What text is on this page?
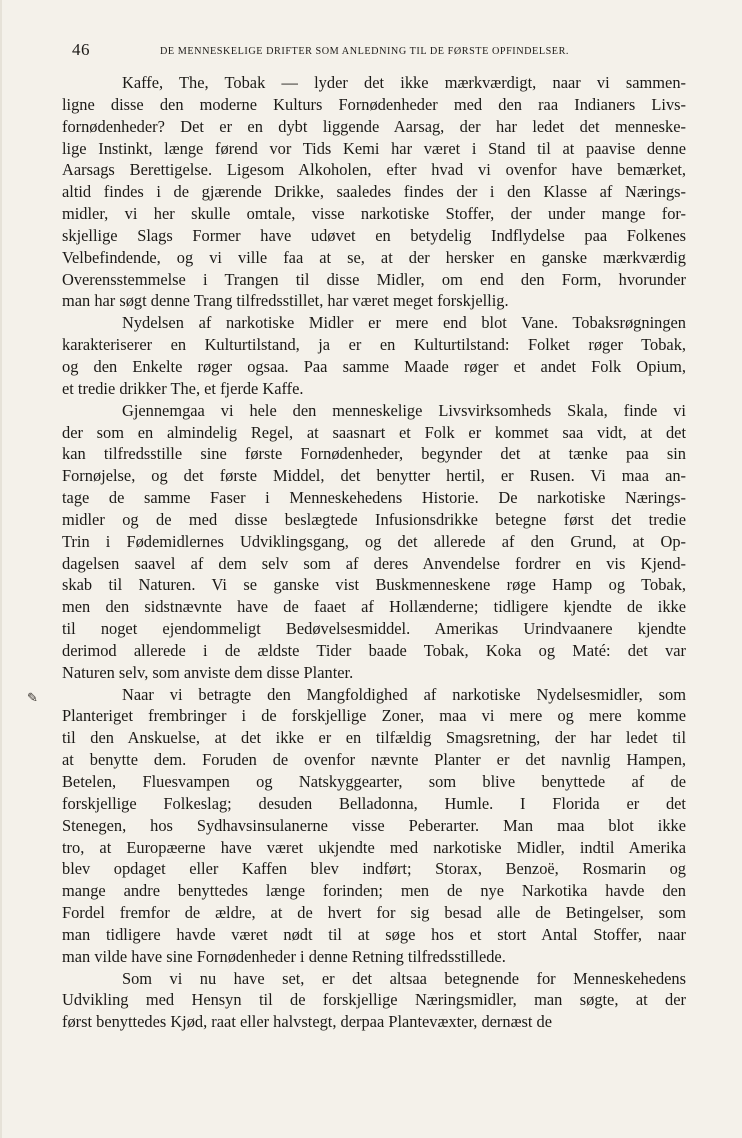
46	DE MENNESKELIGE DRIFTER SOM ANLEDNING TIL DE FØRSTE OPFINDELSER.
✎
Kaffe, The, Tobak — lyder det ikke mærkværdigt, naar vi sammen-
ligne disse den moderne Kulturs Fornødenheder med den raa Indianers Livs-
fornødenheder? Det er en dybt liggende Aarsag, der har ledet det menneske-
lige Instinkt, længe førend vor Tids Kemi har været i Stand til at paavise denne
Aarsags Berettigelse. Ligesom Alkoholen, efter hvad vi ovenfor have bemærket,
altid findes i de gjærende Drikke, saaledes findes der i den Klasse af Nærings-
midler, vi her skulle omtale, visse narkotiske Stoffer, der under mange for-
skjellige Slags Former have udøvet en betydelig Indflydelse paa Folkenes
Velbefindende, og vi ville faa at se, at der hersker en ganske mærkværdig
Overensstemmelse i Trangen til disse Midler, om end den Form, hvorunder
man har søgt denne Trang tilfredsstillet, har været meget forskjellig.
Nydelsen af narkotiske Midler er mere end blot Vane. Tobaksrøgningen
karakteriserer en Kulturtilstand, ja er en Kulturtilstand: Folket røger Tobak,
og den Enkelte røger ogsaa. Paa samme Maade røger et andet Folk Opium,
et tredie drikker The, et fjerde Kaffe.
Gjennemgaa vi hele den menneskelige Livsvirksomheds Skala, finde vi
der som en almindelig Regel, at saasnart et Folk er kommet saa vidt, at det
kan tilfredsstille sine første Fornødenheder, begynder det at tænke paa sin
Fornøjelse, og det første Middel, det benytter hertil, er Rusen. Vi maa an-
tage de samme Faser i Menneskehedens Historie. De narkotiske Nærings-
midler og de med disse beslægtede Infusionsdrikke betegne først det tredie
Trin i Fødemidlernes Udviklingsgang, og det allerede af den Grund, at Op-
dagelsen saavel af dem selv som af deres Anvendelse fordrer en vis Kjend-
skab til Naturen. Vi se ganske vist Buskmenneskene røge Hamp og Tobak,
men den sidstnævnte have de faaet af Hollænderne; tidligere kjendte de ikke
til noget ejendommeligt Bedøvelsesmiddel. Amerikas Urindvaanere kjendte
derimod allerede i de ældste Tider baade Tobak, Koka og Maté: det var
Naturen selv, som anviste dem disse Planter.
Naar vi betragte den Mangfoldighed af narkotiske Nydelsesmidler, som
Planteriget frembringer i de forskjellige Zoner, maa vi mere og mere komme
til den Anskuelse, at det ikke er en tilfældig Smagsretning, der har ledet til
at benytte dem. Foruden de ovenfor nævnte Planter er det navnlig Hampen,
Betelen, Fluesvampen og Natskyggearter, som blive benyttede af de
forskjellige Folkeslag; desuden Belladonna, Humle. I Florida er det
Stenegen, hos Sydhavsinsulanerne visse Peberarter. Man maa blot ikke
tro, at Europæerne have været ukjendte med narkotiske Midler, indtil Amerika
blev opdaget eller Kaffen blev indført; Storax, Benzoë, Rosmarin og
mange andre benyttedes længe forinden; men de nye Narkotika havde den
Fordel fremfor de ældre, at de hvert for sig besad alle de Betingelser, som
man tidligere havde været nødt til at søge hos et stort Antal Stoffer, naar
man vilde have sine Fornødenheder i denne Retning tilfredsstillede.
Som vi nu have set, er det altsaa betegnende for Menneskehedens
Udvikling med Hensyn til de forskjellige Næringsmidler, man søgte, at der
først benyttedes Kjød, raat eller halvstegt, derpaa Plantevæxter, dernæst de
